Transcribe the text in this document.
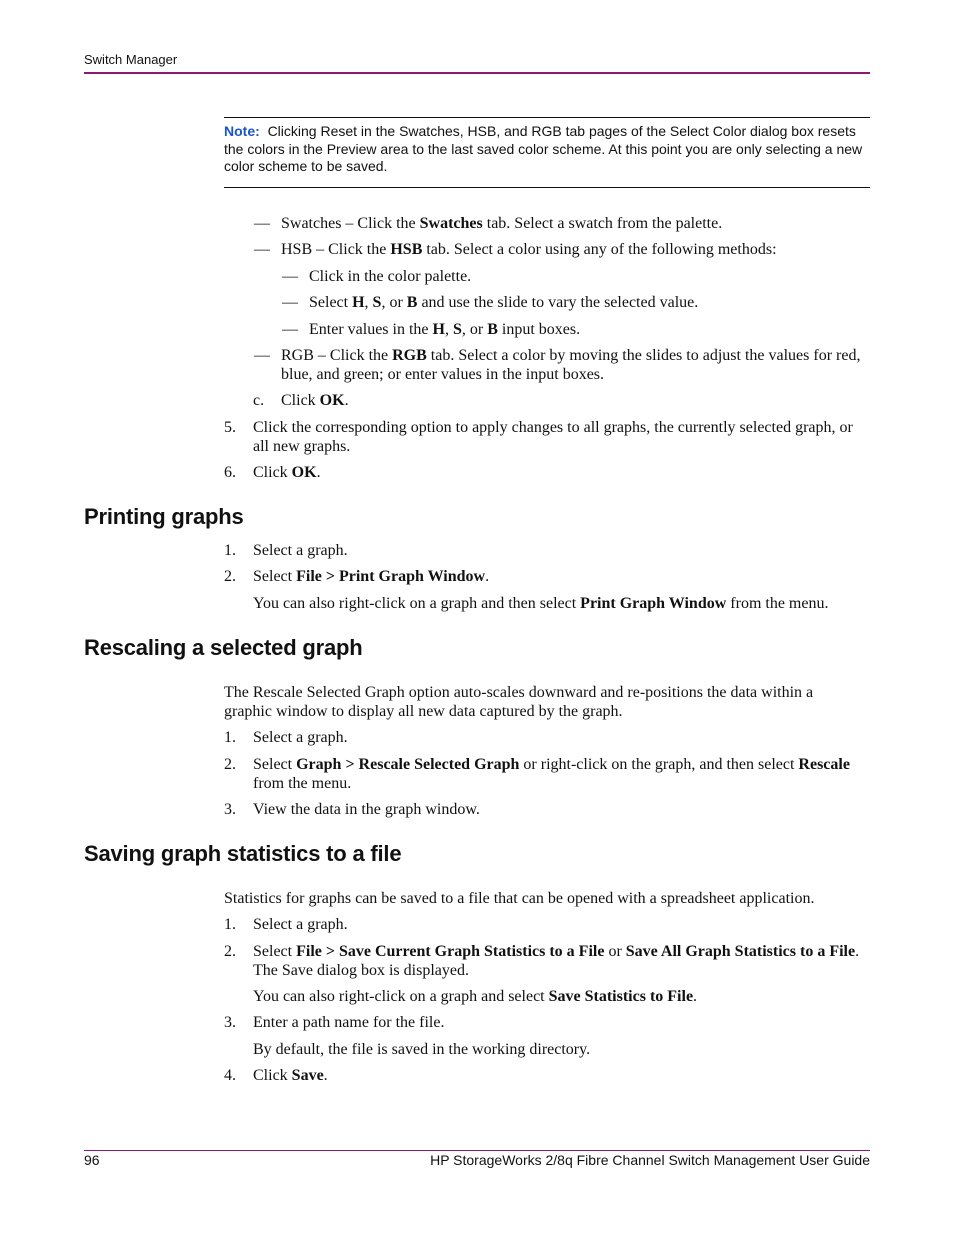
Switch Manager
Note: Clicking Reset in the Swatches, HSB, and RGB tab pages of the Select Color dialog box resets the colors in the Preview area to the last saved color scheme. At this point you are only selecting a new color scheme to be saved.
— Swatches – Click the Swatches tab. Select a swatch from the palette.
— HSB – Click the HSB tab. Select a color using any of the following methods:
— Click in the color palette.
— Select H, S, or B and use the slide to vary the selected value.
— Enter values in the H, S, or B input boxes.
— RGB – Click the RGB tab. Select a color by moving the slides to adjust the values for red, blue, and green; or enter values in the input boxes.
c. Click OK.
5. Click the corresponding option to apply changes to all graphs, the currently selected graph, or all new graphs.
6. Click OK.
Printing graphs
1. Select a graph.
2. Select File > Print Graph Window.
You can also right-click on a graph and then select Print Graph Window from the menu.
Rescaling a selected graph
The Rescale Selected Graph option auto-scales downward and re-positions the data within a graphic window to display all new data captured by the graph.
1. Select a graph.
2. Select Graph > Rescale Selected Graph or right-click on the graph, and then select Rescale from the menu.
3. View the data in the graph window.
Saving graph statistics to a file
Statistics for graphs can be saved to a file that can be opened with a spreadsheet application.
1. Select a graph.
2. Select File > Save Current Graph Statistics to a File or Save All Graph Statistics to a File. The Save dialog box is displayed.
You can also right-click on a graph and select Save Statistics to File.
3. Enter a path name for the file.
By default, the file is saved in the working directory.
4. Click Save.
96	HP StorageWorks 2/8q Fibre Channel Switch Management User Guide
